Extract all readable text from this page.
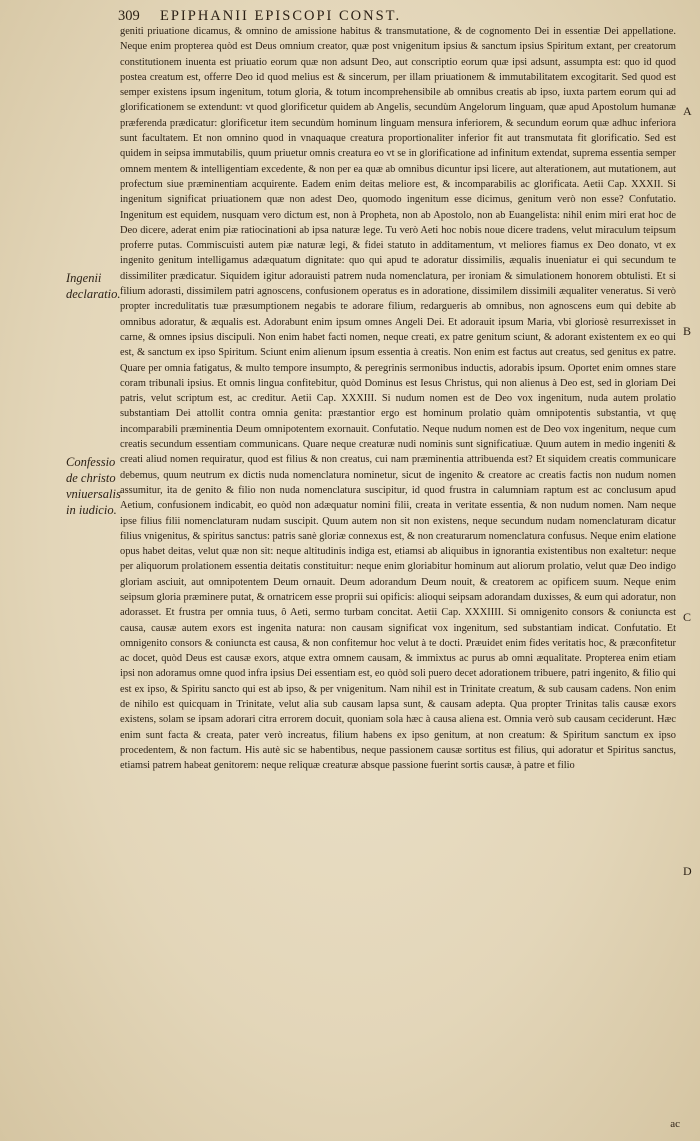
309 EPIPHANII EPISCOPI CONST.
Ingenii declaratio.
Confessio de christo vniuersalis in iudicio.

geniti priuatione dicamus, & omnino de amissione habitus & transmutatione, & de cognomento Dei in essentiæ Dei appellatione. Neque enim propterea quòd est Deus omnium creator, quæ post vnigenitum ipsius & sanctum ipsius Spiritum extant, per creatorum constitutionem inuenta est priuatio eorum quæ non adsunt Deo, aut conscriptio eorum quæ ipsi adsunt, assumpta est: quo id quod postea creatum est, offerre Deo id quod melius est & sincerum, per illam priuationem & immutabilitatem excogitarit. Sed quod est semper existens ipsum ingenitum, totum gloria, & totum incomprehensibile ab omnibus creatis ab ipso, iuxta partem eorum qui ad glorificationem se extendunt: vt quod glorificetur quidem ab Angelis, secundùm Angelorum linguam, quæ apud Apostolum humanæ præferenda prædicatur: glorificetur item secundùm hominum linguam mensura inferiorem, & secundum eorum quæ adhuc inferiora sunt facultatem. Et non omnino quod in vnaquaque creatura proportionaliter inferior fit aut transmutata fit glorificatio. Sed est quidem in seipsa immutabilis, quum priuetur omnis creatura eo vt se in glorificatione ad infinitum extendat, suprema essentia semper omnem mentem & intelligentiam excedente, & non per ea quæ ab omnibus dicuntur ipsi licere, aut alterationem, aut mutationem, aut profectum siue præminentiam acquirente. Eadem enim deitas meliore est, & incomparabilis ac glorificata. Aetii Cap. XXXII. Si ingenitum significat priuationem quæ non adest Deo, quomodo ingenitum esse dicimus, genitum verò non esse? Confutatio. Ingenitum est equidem, nusquam vero dictum est, non à Propheta, non ab Apostolo, non ab Euangelista: nihil enim miri erat hoc de Deo dicere, aderat enim piæ ratiocinationi ab ipsa naturæ lege. Tu verò Aeti hoc nobis noue dicere tradens, velut miraculum teipsum proferre putas. Commiscuisti autem piæ naturæ legi, & fidei statuto in additamentum, vt meliores fiamus ex Deo donato, vt ex ingenito genitum intelligamus adæquatum dignitate: quo qui apud te adoratur dissimilis, æqualis inueniatur ei qui secundum te dissimiliter prædicatur. Siquidem igitur adorauisti patrem nuda nomenclatura, per ironiam & simulationem honorem obtulisti. Et si filium adorasti, dissimilem patri agnoscens, confusionem operatus es in adoratione, dissimilem dissimili æqualiter veneratus. Si verò propter incredulitatis tuæ præsumptionem negabis te adorare filium, redargueris ab omnibus, non agnoscens eum qui debite ab omnibus adoratur, & æqualis est. Adorabunt enim ipsum omnes Angeli Dei. Et adorauit ipsum Maria, vbi gloriosè resurrexisset in carne, & omnes ipsius discipuli. Non enim habet facti nomen, neque creati, ex patre genitum sciunt, & adorant existentem ex eo qui est, & sanctum ex ipso Spiritum. Sciunt enim alienum ipsum essentia à creatis. Non enim est factus aut creatus, sed genitus ex patre. Quare per omnia fatigatus, & multo tempore insumpto, & peregrinis sermonibus inductis, adorabis ipsum. Oportet enim omnes stare coram tribunali ipsius. Et omnis lingua confitebitur, quòd Dominus est Iesus Christus, qui non alienus à Deo est, sed in gloriam Dei patris, velut scriptum est, ac creditur. Aetii Cap. XXXIII. Si nudum nomen est de Deo vox ingenitum, nuda autem prolatio substantiam Dei attollit contra omnia genita: præstantior ergo est hominum prolatio quàm omnipotentis substantia, vt quę incomparabili præminentia Deum omnipotentem exornauit. Confutatio. Neque nudum nomen est de Deo vox ingenitum, neque cum creatis secundum essentiam communicans. Quare neque creaturæ nudi nominis sunt significatiuæ. Quum autem in medio ingeniti & creati aliud nomen requiratur, quod est filius & non creatus, cui nam præminentia attribuenda est? Et siquidem creatis communicare debemus, quum neutrum ex dictis nuda nomenclatura nominetur, sicut de ingenito & creatore ac creatis factis non nudum nomen assumitur, ita de genito & filio non nuda nomenclatura suscipitur, id quod frustra in calumniam raptum est ac conclusum apud Aetium, confusionem indicabit, eo quòd non adæquatur nomini filii, creata in veritate essentia, & non nudum nomen. Nam neque ipse filius filii nomenclaturam nudam suscipit. Quum autem non sit non existens, neque secundum nudam nomenclaturam dicatur filius vnigenitus, & spiritus sanctus: patris sanè gloriæ connexus est, & non creaturarum nomenclatura confusus. Neque enim elatione opus habet deitas, velut quæ non sit: neque altitudinis indiga est, etiamsi ab aliquibus in ignorantia existentibus non exaltetur: neque per aliquorum prolationem essentia deitatis constituitur: neque enim gloriabitur hominum aut aliorum prolatio, velut quæ Deo indigo gloriam asciuit, aut omnipotentem Deum ornauit. Deum adorandum Deum nouit, & creatorem ac opificem suum. Neque enim seipsum gloria præminere putat, & ornatricem esse proprii sui opificis: alioqui seipsam adorandam duxisses, & eum qui adoratur, non adorasset. Et frustra per omnia tuus, ô Aeti, sermo turbam concitat. Aetii Cap. XXXIIII. Si omnigenito consors & coniuncta est causa, causæ autem exors est ingenita natura: non causam significat vox ingenitum, sed substantiam indicat. Confutatio. Et omnigenito consors & coniuncta est causa, & non confitemur hoc velut à te docti. Præuidet enim fides veritatis hoc, & præconfitetur ac docet, quòd Deus est causæ exors, atque extra omnem causam, & immixtus ac purus ab omni æqualitate. Propterea enim etiam ipsi non adoramus omne quod infra ipsius Dei essentiam est, eo quòd soli puero decet adorationem tribuere, patri ingenito, & filio qui est ex ipso, & Spiritu sancto qui est ab ipso, & per vnigenitum. Nam nihil est in Trinitate creatum, & sub causam cadens. Non enim de nihilo est quicquam in Trinitate, velut alia sub causam lapsa sunt, & causam adepta. Qua propter Trinitas talis causæ exors existens, solam se ipsam adorari citra errorem docuit, quoniam sola hæc à causa aliena est. Omnia verò sub causam ceciderunt. Hæc enim sunt facta & creata, pater verò increatus, filium habens ex ipso genitum, at non creatum: & Spiritum sanctum ex ipso procedentem, & non factum. His autè sic se habentibus, neque passionem causæ sortitus est filius, qui adoratur et Spiritus sanctus, etiamsi patrem habeat genitorem: neque reliquæ creaturæ absque passione fuerint sortis causæ, à patre et filio

A
B
C
D
ac
